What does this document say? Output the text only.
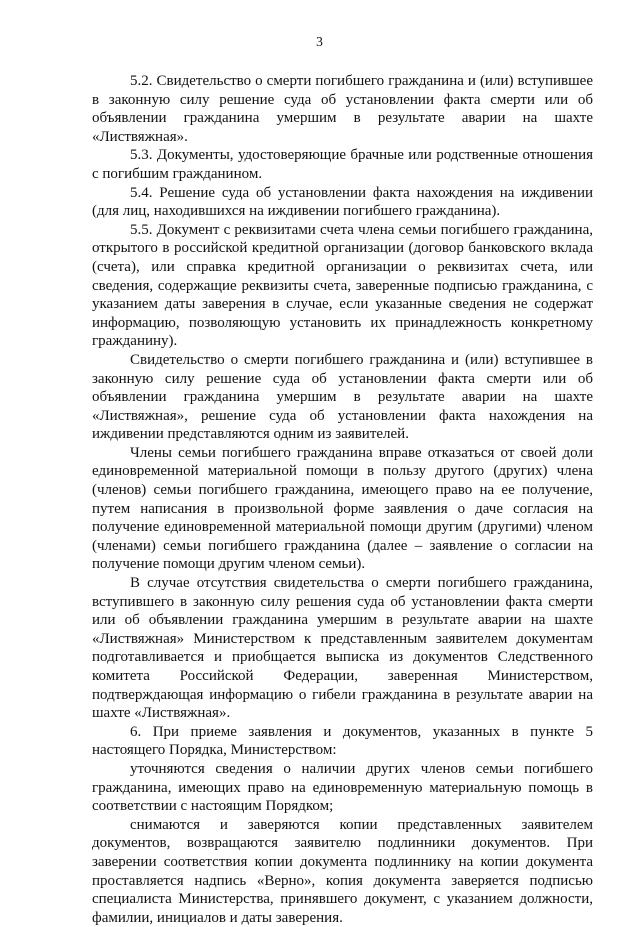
3

5.2. Свидетельство о смерти погибшего гражданина и (или) вступившее в законную силу решение суда об установлении факта смерти или об объявлении гражданина умершим в результате аварии на шахте «Листвяжная».

5.3. Документы, удостоверяющие брачные или родственные отношения с погибшим гражданином.

5.4. Решение суда об установлении факта нахождения на иждивении (для лиц, находившихся на иждивении погибшего гражданина).

5.5. Документ с реквизитами счета члена семьи погибшего гражданина, открытого в российской кредитной организации (договор банковского вклада (счета), или справка кредитной организации о реквизитах счета, или сведения, содержащие реквизиты счета, заверенные подписью гражданина, с указанием даты заверения в случае, если указанные сведения не содержат информацию, позволяющую установить их принадлежность конкретному гражданину).

Свидетельство о смерти погибшего гражданина и (или) вступившее в законную силу решение суда об установлении факта смерти или об объявлении гражданина умершим в результате аварии на шахте «Листвяжная», решение суда об установлении факта нахождения на иждивении представляются одним из заявителей.

Члены семьи погибшего гражданина вправе отказаться от своей доли единовременной материальной помощи в пользу другого (других) члена (членов) семьи погибшего гражданина, имеющего право на ее получение, путем написания в произвольной форме заявления о даче согласия на получение единовременной материальной помощи другим (другими) членом (членами) семьи погибшего гражданина (далее – заявление о согласии на получение помощи другим членом семьи).

В случае отсутствия свидетельства о смерти погибшего гражданина, вступившего в законную силу решения суда об установлении факта смерти или об объявлении гражданина умершим в результате аварии на шахте «Листвяжная» Министерством к представленным заявителем документам подготавливается и приобщается выписка из документов Следственного комитета Российской Федерации, заверенная Министерством, подтверждающая информацию о гибели гражданина в результате аварии на шахте «Листвяжная».

6. При приеме заявления и документов, указанных в пункте 5 настоящего Порядка, Министерством:

уточняются сведения о наличии других членов семьи погибшего гражданина, имеющих право на единовременную материальную помощь в соответствии с настоящим Порядком;

снимаются и заверяются копии представленных заявителем документов, возвращаются заявителю подлинники документов. При заверении соответствия копии документа подлиннику на копии документа проставляется надпись «Верно», копия документа заверяется подписью специалиста Министерства, принявшего документ, с указанием должности, фамилии, инициалов и даты заверения.
